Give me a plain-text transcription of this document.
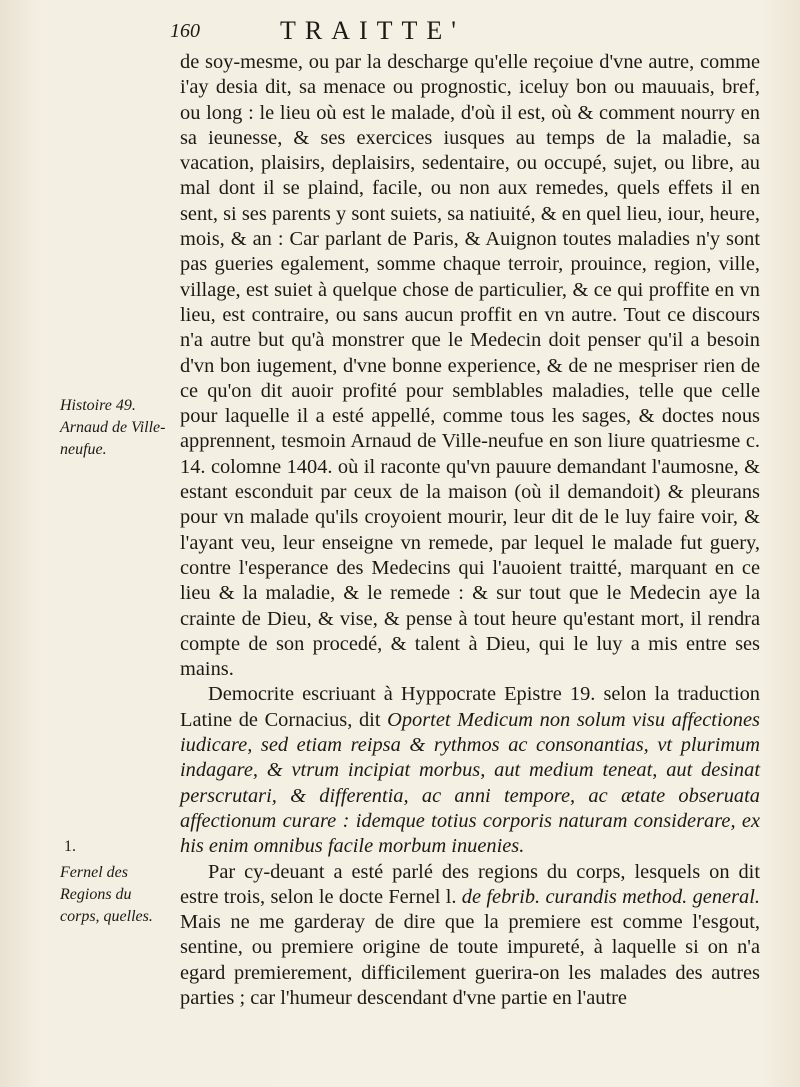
160	TRAITTE'
Histoire 49. Arnaud de Ville-neufue.
1.
Fernel des Regions du corps, quelles.

de soy-mesme, ou par la descharge qu'elle reçoiue d'vne autre, comme i'ay desia dit, sa menace ou prognostic, iceluy bon ou mauuais, bref, ou long : le lieu où est le malade, d'où il est, où & comment nourry en sa ieunesse, & ses exercices iusques au temps de la maladie, sa vacation, plaisirs, deplaisirs, sedentaire, ou occupé, sujet, ou libre, au mal dont il se plaind, facile, ou non aux remedes, quels effets il en sent, si ses parents y sont suiets, sa natiuité, & en quel lieu, iour, heure, mois, & an : Car parlant de Paris, & Auignon toutes maladies n'y sont pas gueries egalement, somme chaque terroir, prouince, region, ville, village, est suiet à quelque chose de particulier, & ce qui proffite en vn lieu, est contraire, ou sans aucun proffit en vn autre. Tout ce discours n'a autre but qu'à monstrer que le Medecin doit penser qu'il a besoin d'vn bon iugement, d'vne bonne experience, & de ne mespriser rien de ce qu'on dit auoir profité pour semblables maladies, telle que celle pour laquelle il a esté appellé, comme tous les sages, & doctes nous apprennent, tesmoin Arnaud de Ville-neufue en son liure quatriesme c. 14. colomne 1404. où il raconte qu'vn pauure demandant l'aumosne, & estant esconduit par ceux de la maison (où il demandoit) & pleurans pour vn malade qu'ils croyoient mourir, leur dit de le luy faire voir, & l'ayant veu, leur enseigne vn remede, par lequel le malade fut guery, contre l'esperance des Medecins qui l'auoient traitté, marquant en ce lieu & la maladie, & le remede : & sur tout que le Medecin aye la crainte de Dieu, & vise, & pense à tout heure qu'estant mort, il rendra compte de son procedé, & talent à Dieu, qui le luy a mis entre ses mains.

Democrite escriuant à Hyppocrate Epistre 19. selon la traduction Latine de Cornacius, dit Oportet Medicum non solum visu affectiones iudicare, sed etiam reipsa & rythmos ac consonantias, vt plurimum indagare, & vtrum incipiat morbus, aut medium teneat, aut desinat perscrutari, & differentia, ac anni tempore, ac ætate obseruata affectionum curare : idemque totius corporis naturam considerare, ex his enim omnibus facile morbum inuenies.

Par cy-deuant a esté parlé des regions du corps, lesquels on dit estre trois, selon le docte Fernel l. de febrib. curandis method. general. Mais ne me garderay de dire que la premiere est comme l'esgout, sentine, ou premiere origine de toute impureté, à laquelle si on n'a egard premierement, difficilement guerira-on les malades des autres parties ; car l'humeur descendant d'vne partie en l'autre
